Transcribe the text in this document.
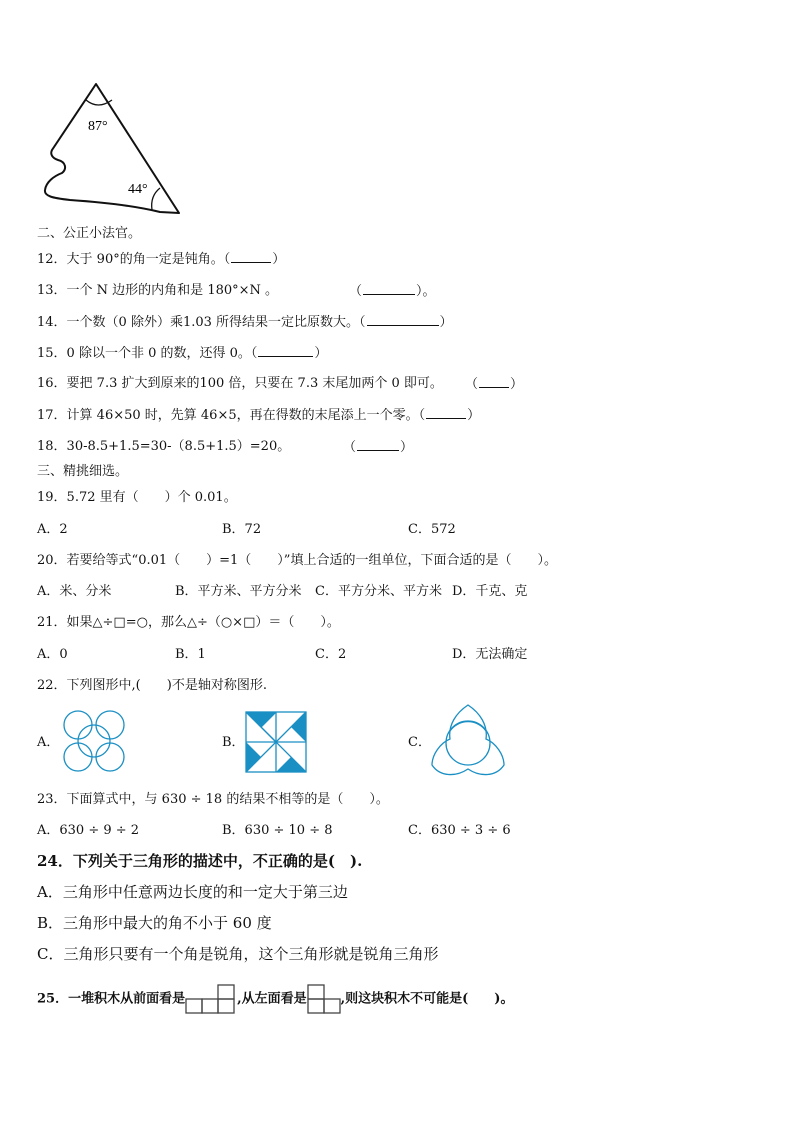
87°
44°
二、公正小法官。
12．大于 90°的角一定是钝角。（	）
13．一个 N 边形的内角和是 180°×N 。	（	）。
14．一个数（0 除外）乘1.03 所得结果一定比原数大。（	）
15．0 除以一个非 0 的数，还得 0。（	）
16．要把 7.3 扩大到原来的100 倍，只要在 7.3 末尾加两个 0 即可。 （ ）
17．计算 46×50 时，先算 46×5，再在得数的末尾添上一个零。（	）
18．30-8.5+1.5=30-（8.5+1.5）=20。	（	）
三、精挑细选。
19．5.72 里有（　　）个 0.01。
A．2	B．72	C．572
20．若要给等式“0.01（　　）=1（　　）”填上合适的一组单位，下面合适的是（　　）。
A．米、分米	B．平方米、平方分米 C．平方分米、平方米 D．千克、克
21．如果△÷□=○，那么△÷（○×□）＝（　　）。
A．0	B．1	C．2	D．无法确定
22．下列图形中,(　　)不是轴对称图形.
A．	B．	C．
23．下面算式中，与 630 ÷ 18 的结果不相等的是（　　）。
A．630 ÷ 9 ÷ 2	B．630 ÷ 10 ÷ 8	C．630 ÷ 3 ÷ 6
24．下列关于三角形的描述中，不正确的是(　).
A．三角形中任意两边长度的和一定大于第三边
B．三角形中最大的角不小于 60 度
C．三角形只要有一个角是锐角，这个三角形就是锐角三角形
25．一堆积木从前面看是	,从左面看是	,则这块积木不可能是(　　)。
